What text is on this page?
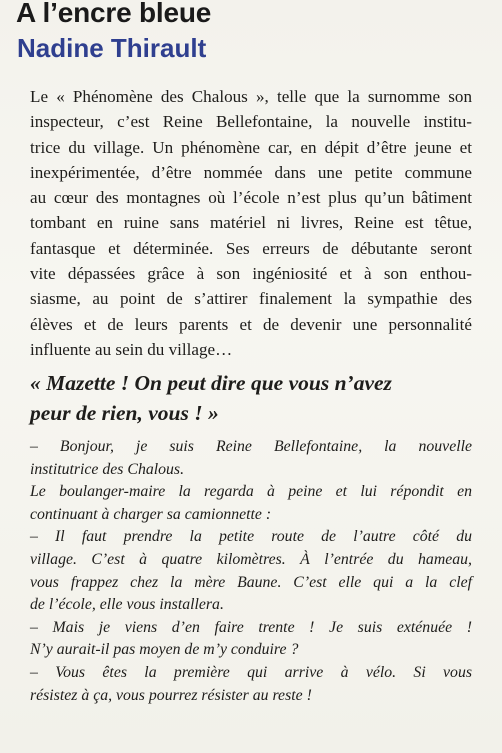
A l’encre bleue
Nadine Thirault
Le « Phénomène des Chalous », telle que la surnomme son
inspecteur, c’est Reine Bellefontaine, la nouvelle institu-
trice du village. Un phénomène car, en dépit d’être jeune et
inexpérimentée, d’être nommée dans une petite commune
au cœur des montagnes où l’école n’est plus qu’un bâtiment
tombant en ruine sans matériel ni livres, Reine est têtue,
fantasque et déterminée. Ses erreurs de débutante seront
vite dépassées grâce à son ingéniosité et à son enthou-
siasme, au point de s’attirer finalement la sympathie des
élèves et de leurs parents et de devenir une personnalité
influente au sein du village…
« Mazette ! On peut dire que vous n’avez
peur de rien, vous ! »
– Bonjour, je suis Reine Bellefontaine, la nouvelle
institutrice des Chalous.
Le boulanger-maire la regarda à peine et lui répondit en
continuant à charger sa camionnette :
– Il faut prendre la petite route de l’autre côté du
village. C’est à quatre kilomètres. À l’entrée du hameau,
vous frappez chez la mère Baune. C’est elle qui a la clef
de l’école, elle vous installera.
– Mais je viens d’en faire trente ! Je suis exténuée !
N’y aurait-il pas moyen de m’y conduire ?
– Vous êtes la première qui arrive à vélo. Si vous
résistez à ça, vous pourrez résister au reste !
